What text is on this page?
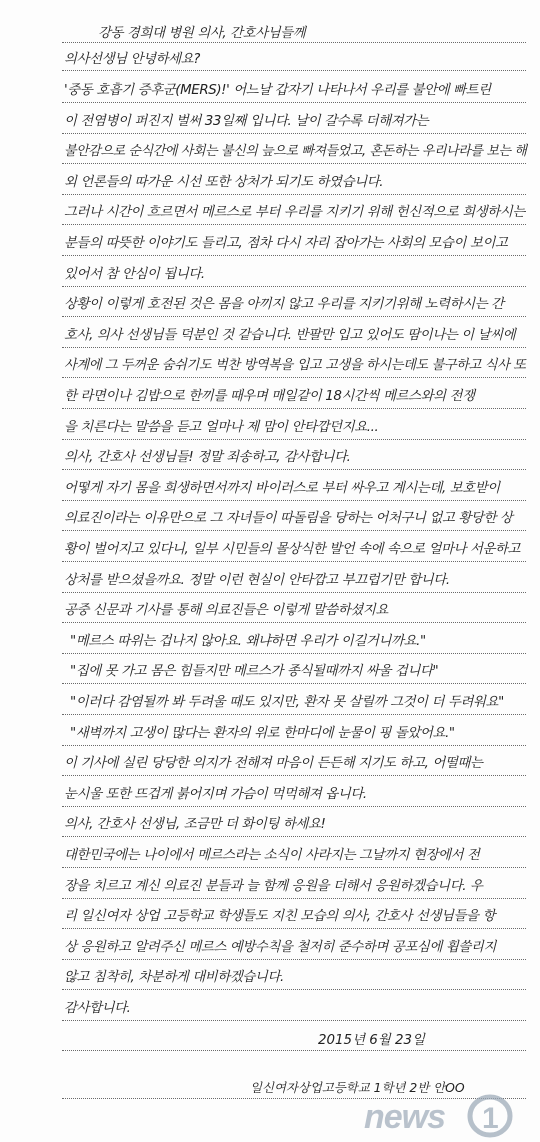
강동 경희대 병원 의사, 간호사님들께
의사선생님 안녕하세요?
'중동 호흡기 증후군(MERS)!' 어느날 갑자기 나타나서 우리를 불안에 빠트린
이 전염병이 퍼진지 벌써 33일째 입니다. 날이 갈수록 더해져가는
불안감으로 순식간에 사회는 불신의 늪으로 빠져들었고, 혼돈하는 우리나라를 보는 해
외 언론들의 따가운 시선 또한 상처가 되기도 하였습니다.
그러나 시간이 흐르면서 메르스로 부터 우리를 지키기 위해 헌신적으로 희생하시는
분들의 따뜻한 이야기도 들리고, 점차 다시 자리 잡아가는 사회의 모습이 보이고
있어서 참 안심이 됩니다.
상황이 이렇게 호전된 것은 몸을 아끼지 않고 우리를 지키기위해 노력하시는 간
호사, 의사 선생님들 덕분인 것 같습니다. 반팔만 입고 있어도 땀이나는 이 날씨에
사계에 그 두꺼운 숨쉬기도 벅찬 방역복을 입고 고생을 하시는데도 불구하고 식사 또
한 라면이나 김밥으로 한끼를 때우며 매일같이 18시간씩 메르스와의 전쟁
을 치른다는 말씀을 듣고 얼마나 제 맘이 안타깝던지요...
의사, 간호사 선생님들! 정말 죄송하고, 감사합니다.
어떻게 자기 몸을 희생하면서까지 바이러스로 부터 싸우고 계시는데, 보호받이
의료진이라는 이유만으로 그 자녀들이 따돌림을 당하는 어처구니 없고 황당한 상
황이 벌어지고 있다니, 일부 시민들의 몰상식한 발언 속에 속으로 얼마나 서운하고
상처를 받으셨을까요. 정말 이런 현실이 안타깝고 부끄럽기만 합니다.
공중 신문과 기사를 통해 의료진들은 이렇게 말씀하셨지요
"메르스 따위는 겁나지 않아요. 왜냐하면 우리가 이길거니까요."
"집에 못 가고 몸은 힘들지만 메르스가 종식될때까지 싸울 겁니다"
"이러다 감염될까 봐 두려울 때도 있지만, 환자 못 살릴까 그것이 더 두려워요"
"새벽까지 고생이 많다는 환자의 위로 한마디에 눈물이 핑 돌았어요."
이 기사에 실린 당당한 의지가 전해져 마음이 든든해 지기도 하고, 어떨때는
눈시울 또한 뜨겁게 붉어지며 가슴이 먹먹해져 옵니다.
의사, 간호사 선생님, 조금만 더 화이팅 하세요!
대한민국에는 나이에서 메르스라는 소식이 사라지는 그날까지 현장에서 전
장을 치르고 계신 의료진 분들과 늘 함께 응원을 더해서 응원하겠습니다. 우
리 일신여자 상업 고등학교 학생들도 지친 모습의 의사, 간호사 선생님들을 항
상 응원하고 알려주신 메르스 예방수칙을 철저히 준수하며 공포심에 휩쓸리지
않고 침착히, 차분하게 대비하겠습니다.
감사합니다.
2015년 6월 23일
일신여자상업고등학교 1학년 2반 안OO
news 1
